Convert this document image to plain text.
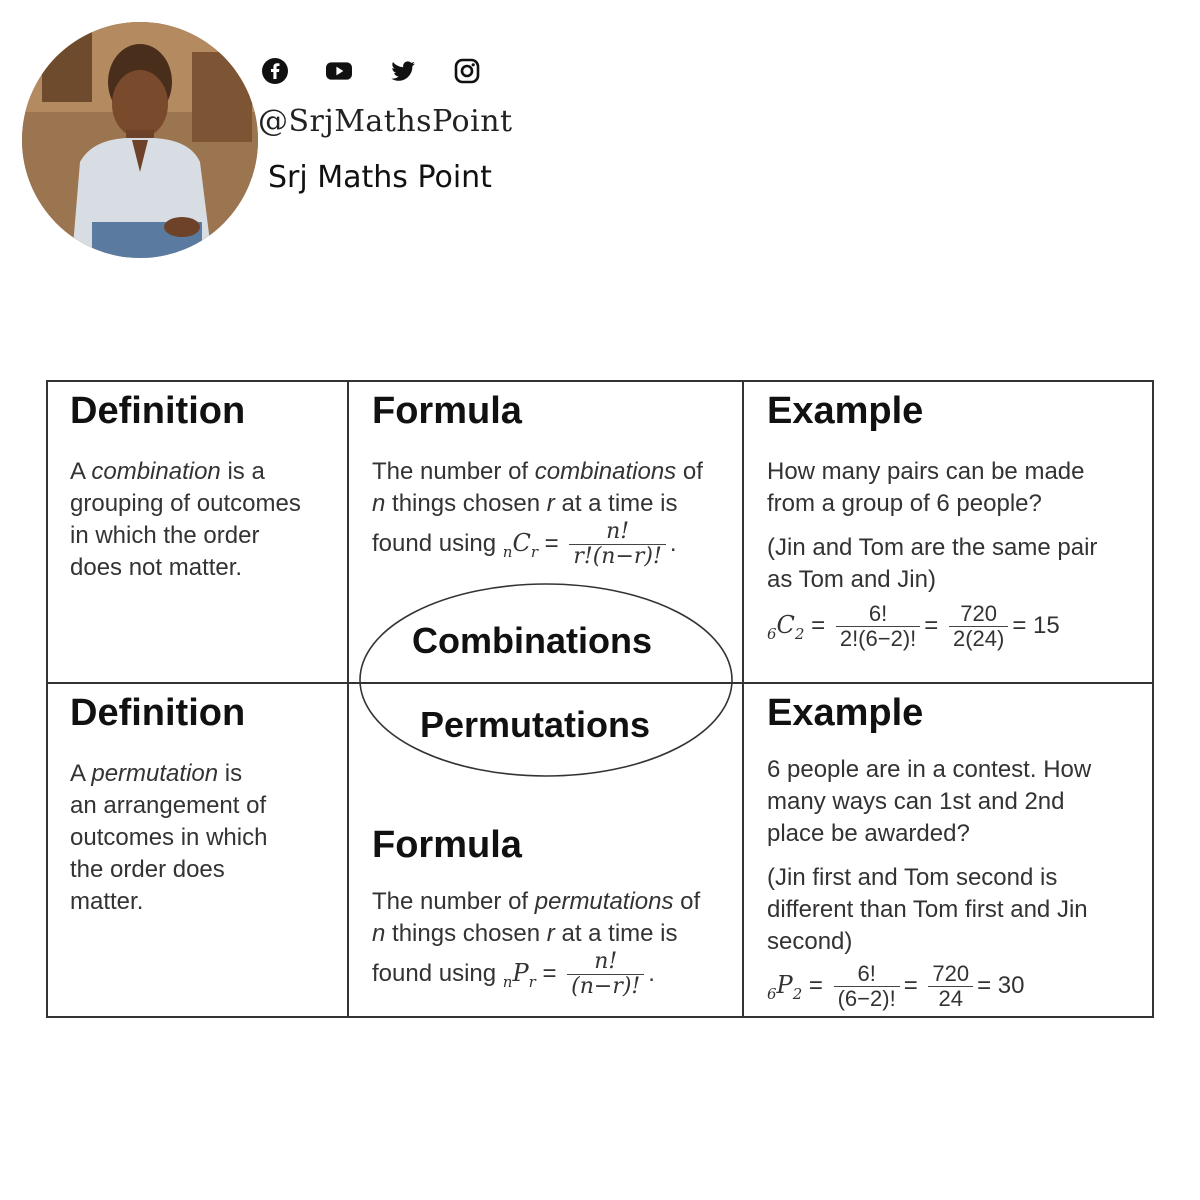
@SrjMathsPoint
Srj Maths Point

Definition

A combination is a
grouping of outcomes
in which the order
does not matter.

Formula

The number of combinations of
n things chosen r at a time is
found using $_nC_r = \frac{n!}{r!(n-r)!}$ .

Example

How many pairs can be made
from a group of 6 people?

(Jin and Tom are the same pair
as Tom and Jin)

$_6C_2 = \frac{6!}{2!(6-2)!} = \frac{720}{2(24)} = 15$

Combinations
Permutations

Definition

A permutation is
an arrangement of
outcomes in which
the order does
matter.

Formula

The number of permutations of
n things chosen r at a time is
found using $_nP_r = \frac{n!}{(n-r)!}$ .

Example

6 people are in a contest. How
many ways can 1st and 2nd
place be awarded?

(Jin first and Tom second is
different than Tom first and Jin
second)

$_6P_2 = \frac{6!}{(6-2)!} = \frac{720}{24} = 30$
